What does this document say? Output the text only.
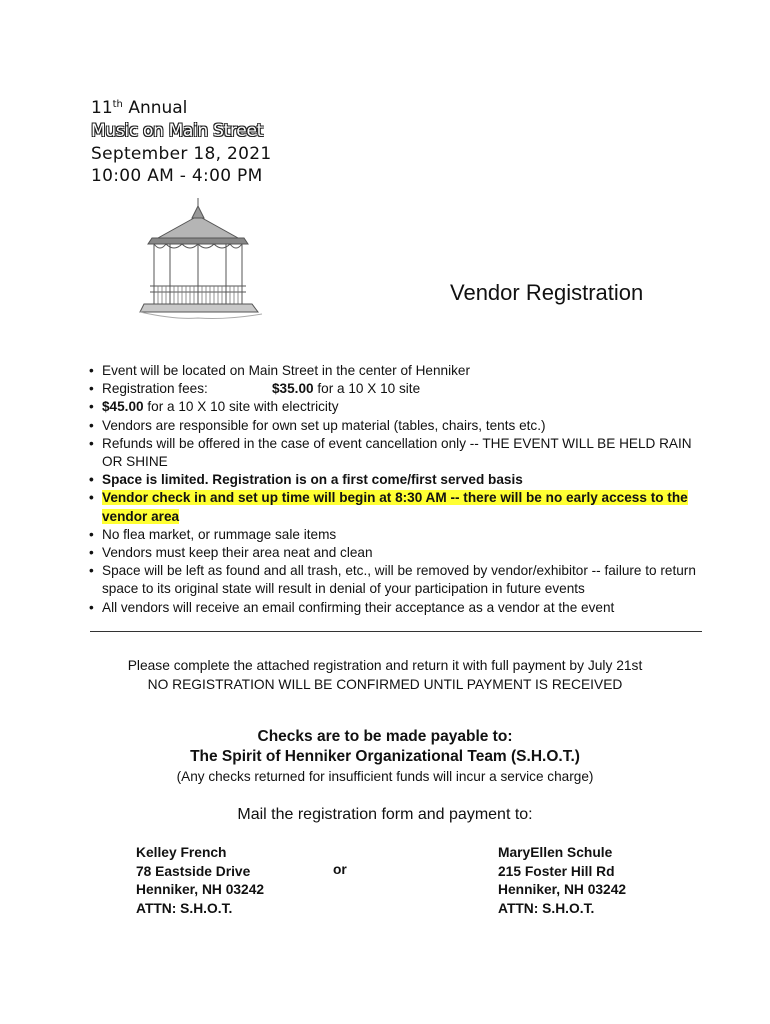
11th Annual
Music on Main Street
September 18, 2021
10:00 AM - 4:00 PM
Vendor Registration
• Event will be located on Main Street in the center of Henniker
• Registration fees:	$35.00 for a 10 X 10 site
• $45.00 for a 10 X 10 site with electricity
• Vendors are responsible for own set up material (tables, chairs, tents etc.)
• Refunds will be offered in the case of event cancellation only -- THE EVENT WILL BE HELD RAIN OR SHINE
• Space is limited. Registration is on a first come/first served basis
• Vendor check in and set up time will begin at 8:30 AM -- there will be no early access to the vendor area
• No flea market, or rummage sale items
• Vendors must keep their area neat and clean
• Space will be left as found and all trash, etc., will be removed by vendor/exhibitor -- failure to return space to its original state will result in denial of your participation in future events
• All vendors will receive an email confirming their acceptance as a vendor at the event
Please complete the attached registration and return it with full payment by July 21st
NO REGISTRATION WILL BE CONFIRMED UNTIL PAYMENT IS RECEIVED
Checks are to be made payable to:
The Spirit of Henniker Organizational Team (S.H.O.T.)
(Any checks returned for insufficient funds will incur a service charge)
Mail the registration form and payment to:
Kelley French
78 Eastside Drive
Henniker, NH 03242
ATTN: S.H.O.T.
or
MaryEllen Schule
215 Foster Hill Rd
Henniker, NH 03242
ATTN: S.H.O.T.
